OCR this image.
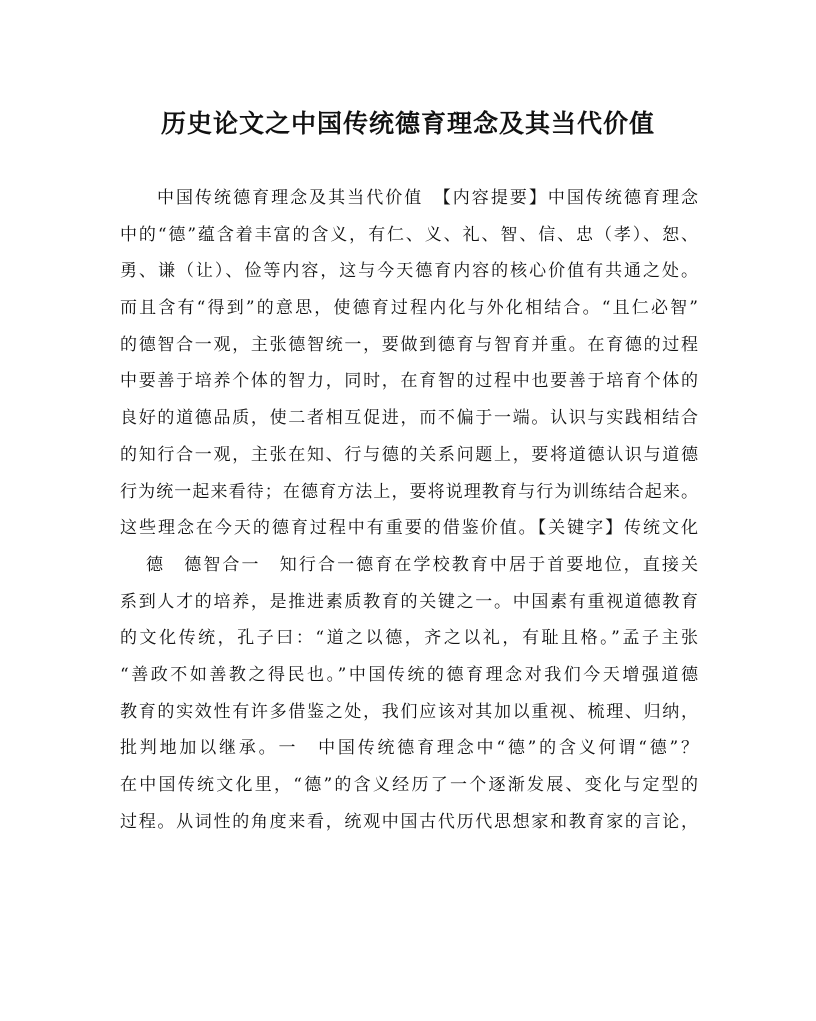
历史论文之中国传统德育理念及其当代价值
中国传统德育理念及其当代价值　【内容提要】中国传统德育理念
中的“德”蕴含着丰富的含义，有仁、义、礼、智、信、忠（孝）、恕、
勇、谦（让）、俭等内容，这与今天德育内容的核心价值有共通之处。
而且含有“得到”的意思，使德育过程内化与外化相结合。“且仁必智”
的德智合一观，主张德智统一，要做到德育与智育并重。在育德的过程
中要善于培养个体的智力，同时，在育智的过程中也要善于培育个体的
良好的道德品质，使二者相互促进，而不偏于一端。认识与实践相结合
的知行合一观，主张在知、行与德的关系问题上，要将道德认识与道德
行为统一起来看待；在德育方法上，要将说理教育与行为训练结合起来。
这些理念在今天的德育过程中有重要的借鉴价值。【关键字】传统文化
德　德智合一　知行合一德育在学校教育中居于首要地位，直接关
系到人才的培养，是推进素质教育的关键之一。中国素有重视道德教育
的文化传统，孔子曰：“道之以德，齐之以礼，有耻且格。”孟子主张
“善政不如善教之得民也。”中国传统的德育理念对我们今天增强道德
教育的实效性有许多借鉴之处，我们应该对其加以重视、梳理、归纳，
批判地加以继承。一　中国传统德育理念中“德”的含义何谓“德”？
在中国传统文化里，“德”的含义经历了一个逐渐发展、变化与定型的
过程。从词性的角度来看，统观中国古代历代思想家和教育家的言论，
